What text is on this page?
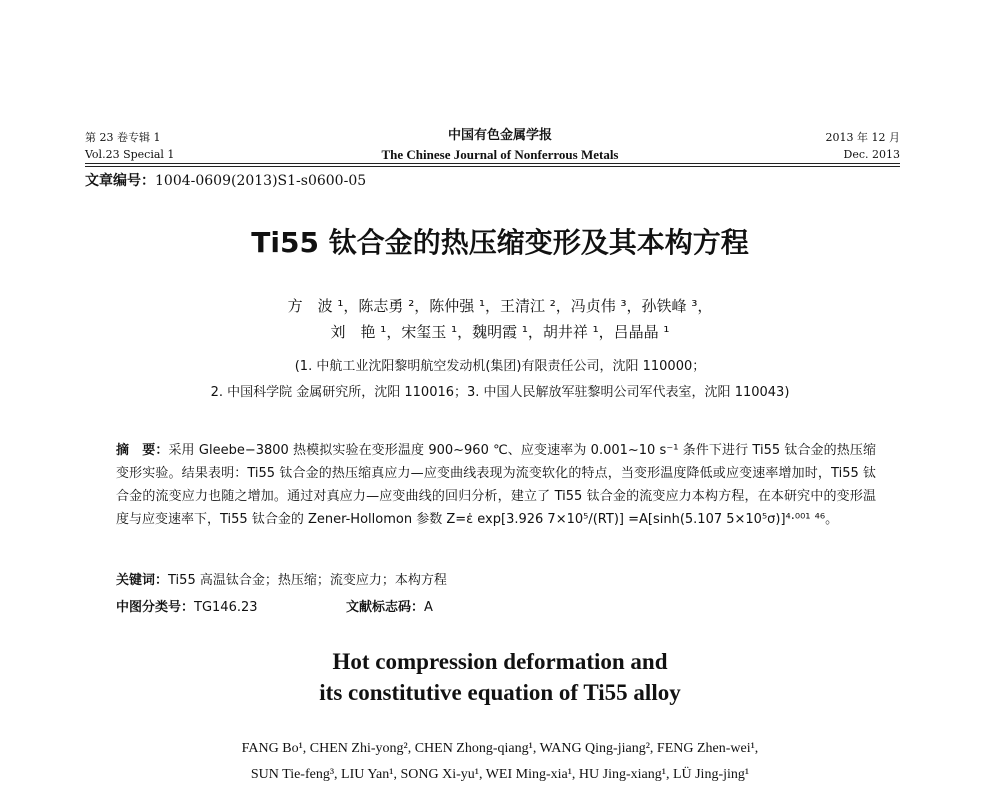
第 23 卷专辑 1
Vol.23 Special 1
中国有色金属学报
The Chinese Journal of Nonferrous Metals
2013 年 12 月
Dec. 2013
文章编号：1004-0609(2013)S1-s0600-05
Ti55 钛合金的热压缩变形及其本构方程
方　波 ¹，陈志勇 ²，陈仲强 ¹，王清江 ²，冯贞伟 ³，孙铁峰 ³，
刘　艳 ¹，宋玺玉 ¹，魏明霞 ¹，胡井祥 ¹，吕晶晶 ¹
(1. 中航工业沈阳黎明航空发动机(集团)有限责任公司，沈阳 110000；
2. 中国科学院 金属研究所，沈阳 110016；3. 中国人民解放军驻黎明公司军代表室，沈阳 110043)
摘　要：采用 Gleebe−3800 热模拟实验在变形温度 900~960 ℃、应变速率为 0.001~10 s⁻¹ 条件下进行 Ti55 钛合金的热压缩变形实验。结果表明：Ti55 钛合金的热压缩真应力—应变曲线表现为流变软化的特点，当变形温度降低或应变速率增加时，Ti55 钛合金的流变应力也随之增加。通过对真应力—应变曲线的回归分析，建立了 Ti55 钛合金的流变应力本构方程，在本研究中的变形温度与应变速率下，Ti55 钛合金的 Zener-Hollomon 参数 Z=ε̇ exp[3.926 7×10⁵/(RT)] =A[sinh(5.107 5×10⁵σ)]⁴·⁰⁰¹ ⁴⁶。
关键词：Ti55 高温钛合金；热压缩；流变应力；本构方程
中图分类号：TG146.23	文献标志码：A
Hot compression deformation and
its constitutive equation of Ti55 alloy
FANG Bo¹, CHEN Zhi-yong², CHEN Zhong-qiang¹, WANG Qing-jiang², FENG Zhen-wei¹,
SUN Tie-feng³, LIU Yan¹, SONG Xi-yu¹, WEI Ming-xia¹, HU Jing-xiang¹, LÜ Jing-jing¹
